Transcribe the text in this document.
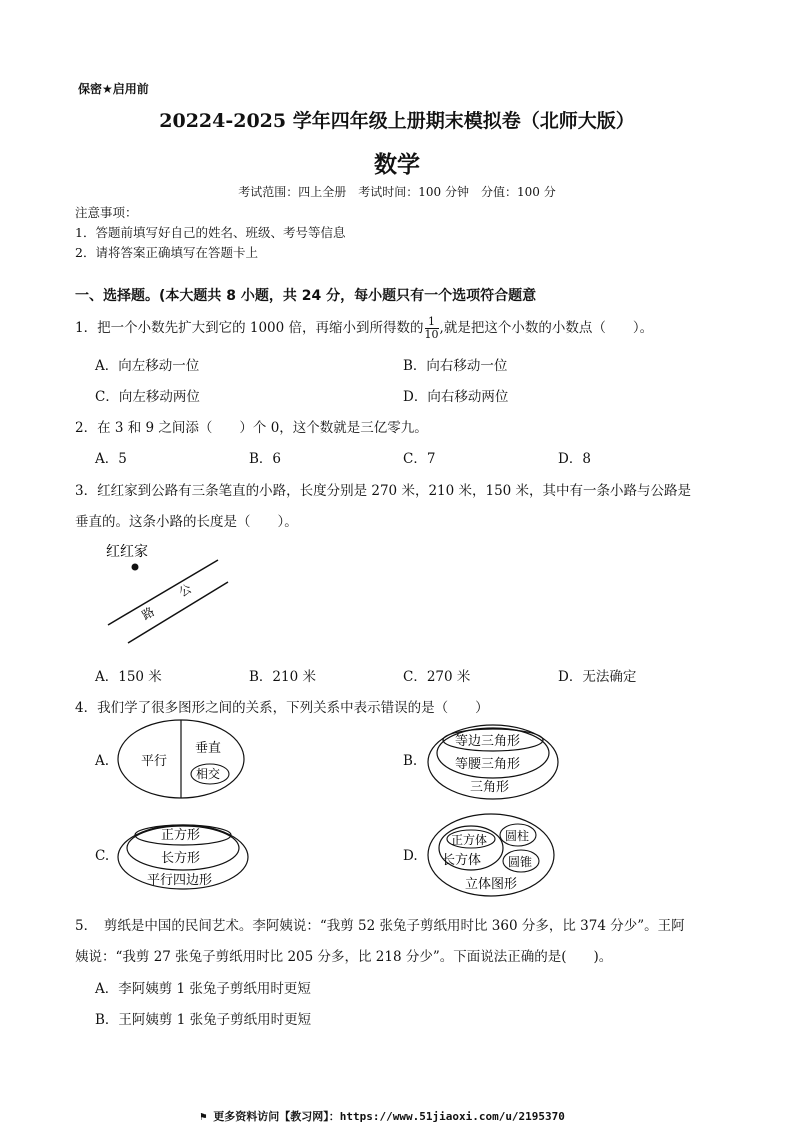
保密★启用前
20224-2025 学年四年级上册期末模拟卷（北师大版）
数学
考试范围：四上全册　考试时间：100 分钟　分值：100 分
注意事项：
1．答题前填写好自己的姓名、班级、考号等信息
2．请将答案正确填写在答题卡上
一、选择题。(本大题共 8 小题，共 24 分，每小题只有一个选项符合题意
1．把一个小数先扩大到它的 1000 倍，再缩小到所得数的 $\frac{1}{10}$ ,就是把这个小数的小数点（　　）。
A．向左移动一位	B．向右移动一位
C．向左移动两位	D．向右移动两位
2．在 3 和 9 之间添（　　）个 0，这个数就是三亿零九。
A．5	B．6	C．7	D．8
3．红红家到公路有三条笔直的小路，长度分别是 270 米，210 米，150 米，其中有一条小路与公路是
垂直的。这条小路的长度是（　　）。
红红家
公
路
A．150 米	B．210 米	C．270 米	D．无法确定
4．我们学了很多图形之间的关系，下列关系中表示错误的是（　　）
A. 平行
垂直
相交
B.
等边三角形
等腰三角形
三角形
C.
正方形
长方形
平行四边形
D.
正方体
长方体
圆柱
圆锥
立体图形
5．　剪纸是中国的民间艺术。李阿姨说：“我剪 52 张兔子剪纸用时比 360 分多，比 374 分少”。王阿
姨说：“我剪 27 张兔子剪纸用时比 205 分多，比 218 分少”。下面说法正确的是(　　)。
A．李阿姨剪 1 张兔子剪纸用时更短
B．王阿姨剪 1 张兔子剪纸用时更短
⚑ 更多资料访问【教习网】：https://www.51jiaoxi.com/u/2195370
